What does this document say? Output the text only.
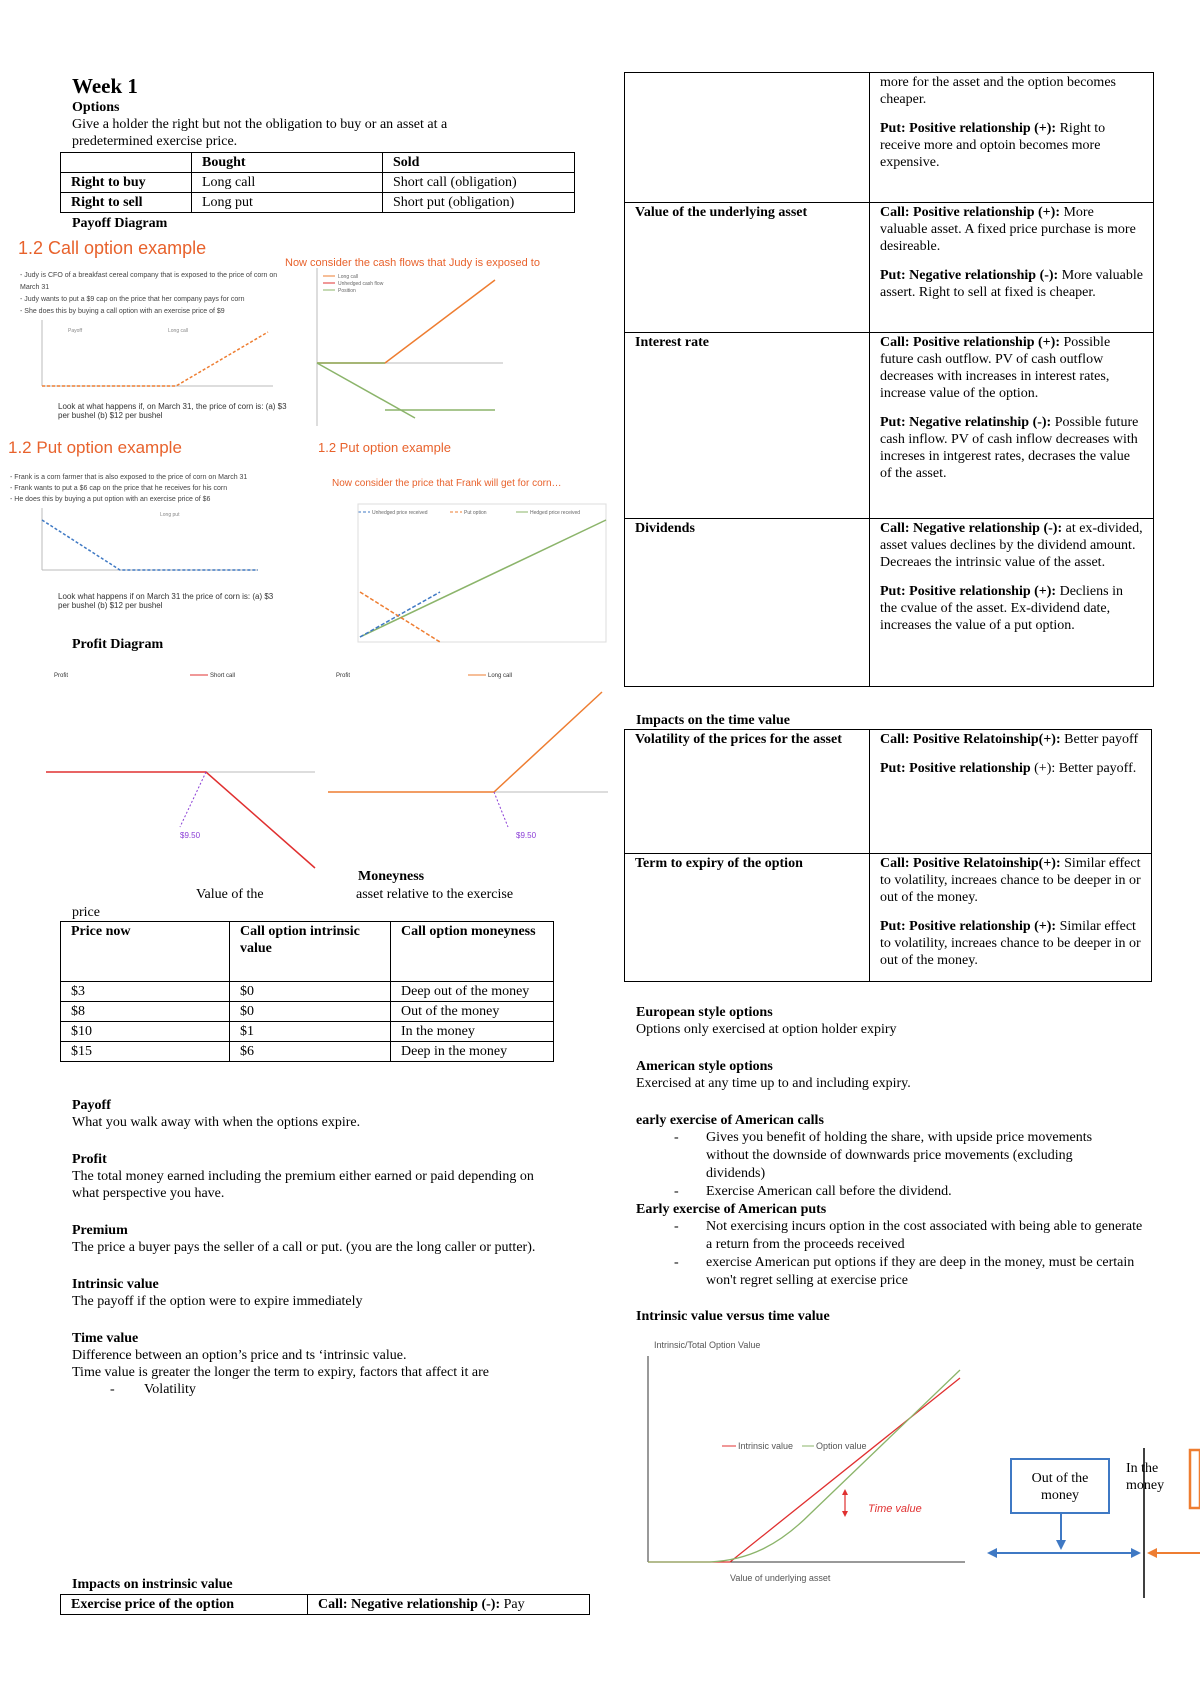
Week 1
Options
Give a holder the right but not the obligation to buy or an asset at a predetermined exercise price.
	Bought	Sold
Right to buy	Long call	Short call (obligation)
Right to sell	Long put	Short put (obligation)
Payoff Diagram
1.2 Call option example
Now consider the cash flows that Judy is exposed to
- Judy is CFO of a breakfast cereal company that is exposed to the price of corn on March 31
- Judy wants to put a $9 cap on the price that her company pays for corn
- She does this by buying a call option with an exercise price of $9
Payoff	Long call
Look at what happens if, on March 31, the price of corn is: (a) $3 per bushel (b) $12 per bushel
Long call
Unhedged cash flow
Position
1.2 Put option example	1.2 Put option example
Now consider the price that Frank will get for corn…
- Frank is a corn farmer that is also exposed to the price of corn on March 31
- Frank wants to put a $6 cap on the price that he receives for his corn
- He does this by buying a put option with an exercise price of $6
Long put
Look what happens if on March 31 the price of corn is: (a) $3 per bushel (b) $12 per bushel
Unhedged price received	Put option	Hedged price received
Profit Diagram
Profit	Short call
$9.50
Profit	Long call
$9.50
Moneyness
Value of the	asset relative to the exercise
price
Price now	Call option intrinsic value	Call option moneyness
$3	$0	Deep out of the money
$8	$0	Out of the money
$10	$1	In the money
$15	$6	Deep in the money
Payoff
What you walk away with when the options expire.
Profit
The total money earned including the premium either earned or paid depending on what perspective you have.
Premium
The price a buyer pays the seller of a call or put. (you are the long caller or putter).
Intrinsic value
The payoff if the option were to expire immediately
Time value
Difference between an option’s price and ts ‘intrinsic value.
Time value is greater the longer the term to expiry, factors that affect it are
- Volatility
Impacts on instrinsic value
Exercise price of the option	Call: Negative relationship (-): Pay

	more for the asset and the option becomes cheaper.
Put: Positive relationship (+): Right to receive more and optoin becomes more expensive.

Value of the underlying asset	Call: Positive relationship (+): More valuable asset. A fixed price purchase is more desireable.
Put: Negative relationship (-): More valuable assert. Right to sell at fixed is cheaper.

Interest rate	Call: Positive relationship (+): Possible future cash outflow. PV of cash outflow decreases with increases in interest rates, increase value of the option.
Put: Negative relatinship (-): Possible future cash inflow. PV of cash inflow decreases with increses in intgerest rates, decrases the value of the asset.

Dividends	Call: Negative relationship (-): at ex-divided, asset values declines by the dividend amount. Decreaes the intrinsic value of the asset.
Put: Positive relationship (+): Decliens in the cvalue of the asset. Ex-dividend date, increases the value of a put option.
Impacts on the time value
Volatility of the prices for the asset	Call: Positive Relatoinship(+): Better payoff
Put: Positive relationship (+): Better payoff.

Term to expiry of the option	Call: Positive Relatoinship(+): Similar effect to volatility, increaes chance to be deeper in or out of the money.
Put: Positive relationship (+): Similar effect to volatility, increaes chance to be deeper in or out of the money.
European style options
Options only exercised at option holder expiry
American style options
Exercised at any time up to and including expiry.
early exercise of American calls
- Gives you benefit of holding the share, with upside price movements without the downside of downwards price movements (excluding dividends)
- Exercise American call before the dividend.
Early exercise of American puts
- Not exercising incurs option in the cost associated with being able to generate a return from the proceeds received
- exercise American put options if they are deep in the money, must be certain won't regret selling at exercise price
Intrinsic value versus time value
Intrinsic/Total Option Value
Intrinsic value	Option value
Time value
Value of underlying asset
Out of the money
In the money
